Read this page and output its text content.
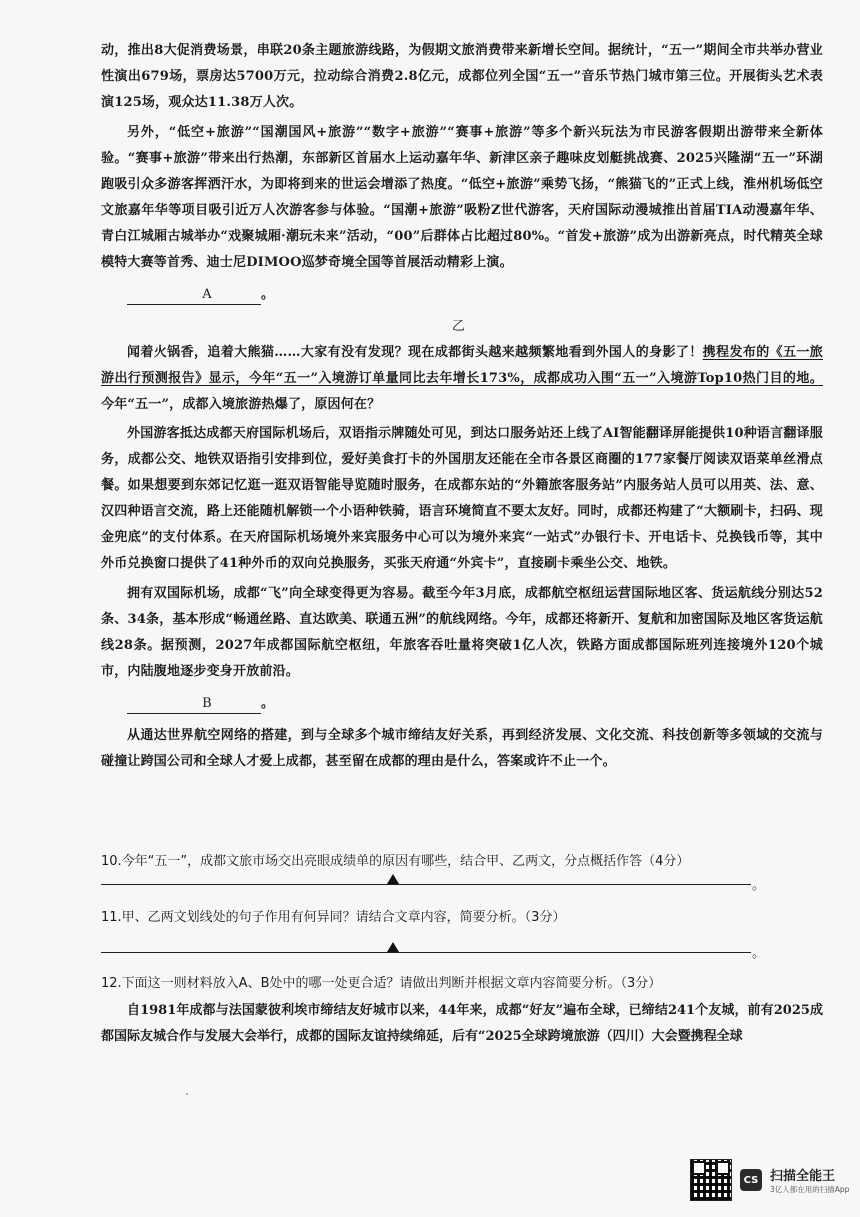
动，推出8大促消费场景，串联20条主题旅游线路，为假期文旅消费带来新增长空间。据统计，“五一”期间全市共举办营业性演出679场，票房达5700万元，拉动综合消费2.8亿元，成都位列全国“五一”音乐节热门城市第三位。开展街头艺术表演125场，观众达11.38万人次。

另外，“低空+旅游”“国潮国风+旅游”“数字+旅游”“赛事+旅游”等多个新兴玩法为市民游客假期出游带来全新体验。“赛事+旅游”带来出行热潮，东部新区首届水上运动嘉年华、新津区亲子趣味皮划艇挑战赛、2025兴隆湖“五一”环湖跑吸引众多游客挥洒汗水，为即将到来的世运会增添了热度。“低空+旅游”乘势飞扬，“熊猫飞的”正式上线，淮州机场低空文旅嘉年华等项目吸引近万人次游客参与体验。“国潮+旅游”吸粉Z世代游客，天府国际动漫城推出首届TIA动漫嘉年华、青白江城厢古城举办“戏聚城厢·潮玩未来”活动，“00”后群体占比超过80%。“首发+旅游”成为出游新亮点，时代精英全球模特大赛等首秀、迪士尼DIMOO巡梦奇境全国等首展活动精彩上演。

A	。

乙

闻着火锅香，追着大熊猫……大家有没有发现？现在成都街头越来越频繁地看到外国人的身影了！携程发布的《五一旅游出行预测报告》显示，今年“五一”入境游订单量同比去年增长173%，成都成功入围“五一”入境游Top10热门目的地。今年“五一”，成都入境旅游热爆了，原因何在？

外国游客抵达成都天府国际机场后，双语指示牌随处可见，到达口服务站还上线了AI智能翻译屏能提供10种语言翻译服务，成都公交、地铁双语指引安排到位，爱好美食打卡的外国朋友还能在全市各景区商圈的177家餐厅阅读双语菜单丝滑点餐。如果想要到东郊记忆逛一逛双语智能导览随时服务，在成都东站的“外籍旅客服务站”内服务站人员可以用英、法、意、汉四种语言交流，路上还能随机解锁一个小语种铁骑，语言环境简直不要太友好。同时，成都还构建了“大额刷卡，扫码、现金兜底”的支付体系。在天府国际机场境外来宾服务中心可以为境外来宾“一站式”办银行卡、开电话卡、兑换钱币等，其中外币兑换窗口提供了41种外币的双向兑换服务，买张天府通“外宾卡”，直接刷卡乘坐公交、地铁。

拥有双国际机场，成都“飞”向全球变得更为容易。截至今年3月底，成都航空枢纽运营国际地区客、货运航线分别达52条、34条，基本形成“畅通丝路、直达欧美、联通五洲”的航线网络。今年，成都还将新开、复航和加密国际及地区客货运航线28条。据预测，2027年成都国际航空枢纽，年旅客吞吐量将突破1亿人次，铁路方面成都国际班列连接境外120个城市，内陆腹地逐步变身开放前沿。

B	。

从通达世界航空网络的搭建，到与全球多个城市缔结友好关系，再到经济发展、文化交流、科技创新等多领域的交流与碰撞让跨国公司和全球人才爱上成都，甚至留在成都的理由是什么，答案或许不止一个。

10.今年“五一”，成都文旅市场交出亮眼成绩单的原因有哪些，结合甲、乙两文，分点概括作答（4分）
。
11.甲、乙两文划线处的句子作用有何异同？请结合文章内容，简要分析。（3分）
。
12.下面这一则材料放入A、B处中的哪一处更合适？请做出判断并根据文章内容简要分析。（3分）

自1981年成都与法国蒙彼利埃市缔结友好城市以来，44年来，成都“好友”遍布全球，已缔结241个友城，前有2025成都国际友城合作与发展大会举行，成都的国际友谊持续绵延，后有“2025全球跨境旅游（四川）大会暨携程全球

CS 扫描全能王
3亿人都在用的扫描App
